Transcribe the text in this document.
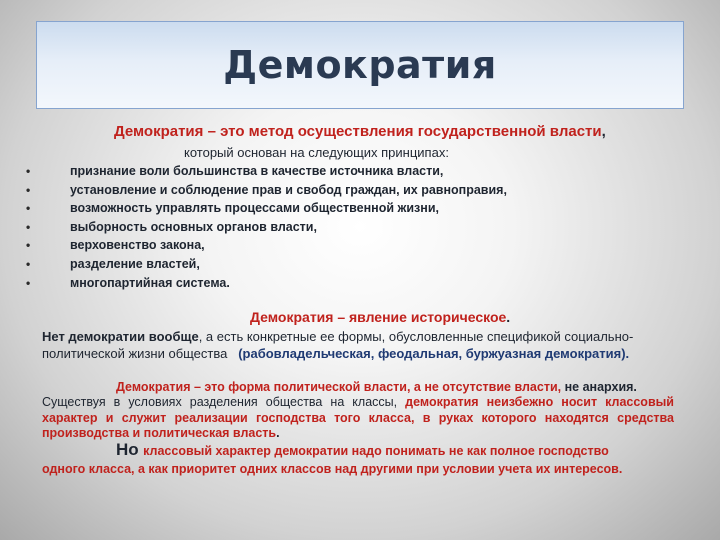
Демократия
Демократия – это метод осуществления государственной власти,
который основан на следующих принципах:
•	признание воли большинства в качестве источника власти,
•	установление и соблюдение прав и свобод граждан, их равноправия,
•	возможность управлять процессами общественной жизни,
•	выборность основных органов власти,
•	верховенство закона,
•	разделение властей,
•	многопартийная система.
Демократия – явление историческое.
Нет демократии вообще, а есть конкретные ее формы, обусловленные спецификой социально-политической жизни общества (рабовладельческая, феодальная, буржуазная демократия).
Демократия – это форма политической власти, а не отсутствие власти, не анархия.
Существуя в условиях разделения общества на классы, демократия неизбежно носит классовый характер и служит реализации господства того класса, в руках которого находятся средства производства и политическая власть.
Но классовый характер демократии надо понимать не как полное господство
одного класса, а как приоритет одних классов над другими при условии учета их интересов.
